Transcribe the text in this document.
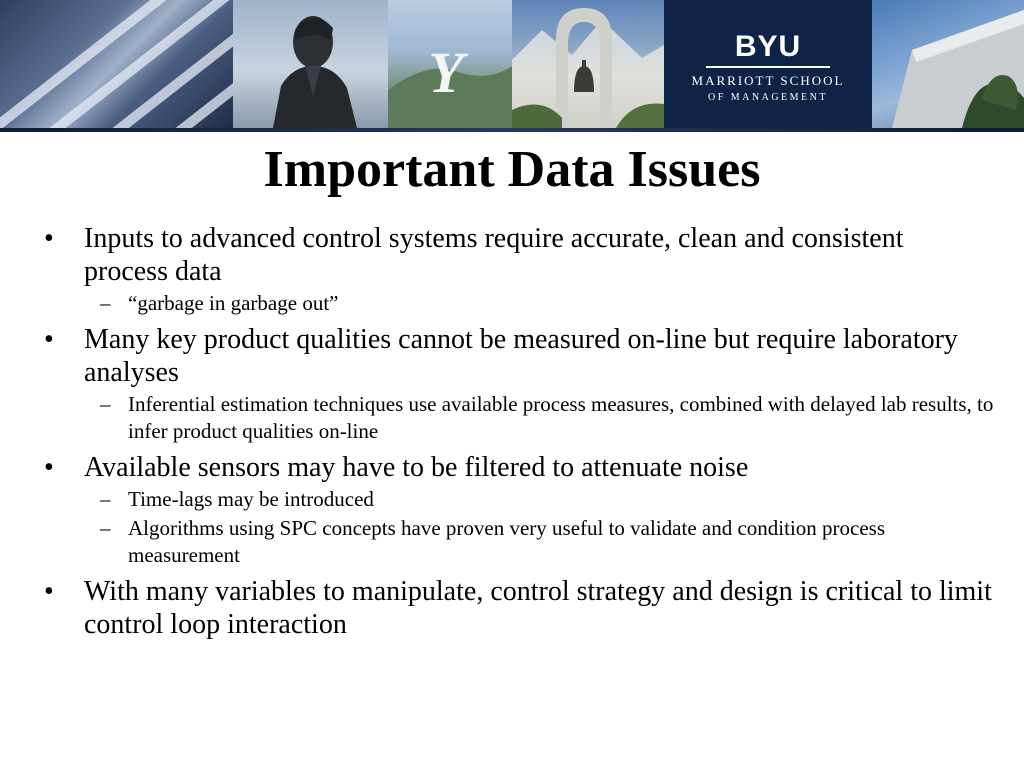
Y	BYU
MARRIOTT SCHOOL
OF MANAGEMENT
Important Data Issues
•	Inputs to advanced control systems require accurate, clean and consistent process data
– “garbage in garbage out”
•	Many key product qualities cannot be measured on-line but require laboratory analyses
– Inferential estimation techniques use available process measures, combined with delayed lab results, to infer product qualities on-line
•	Available sensors may have to be filtered to attenuate noise
– Time-lags may be introduced
– Algorithms using SPC concepts have proven very useful to validate and condition process measurement
•	With many variables to manipulate, control strategy and design is critical to limit control loop interaction
